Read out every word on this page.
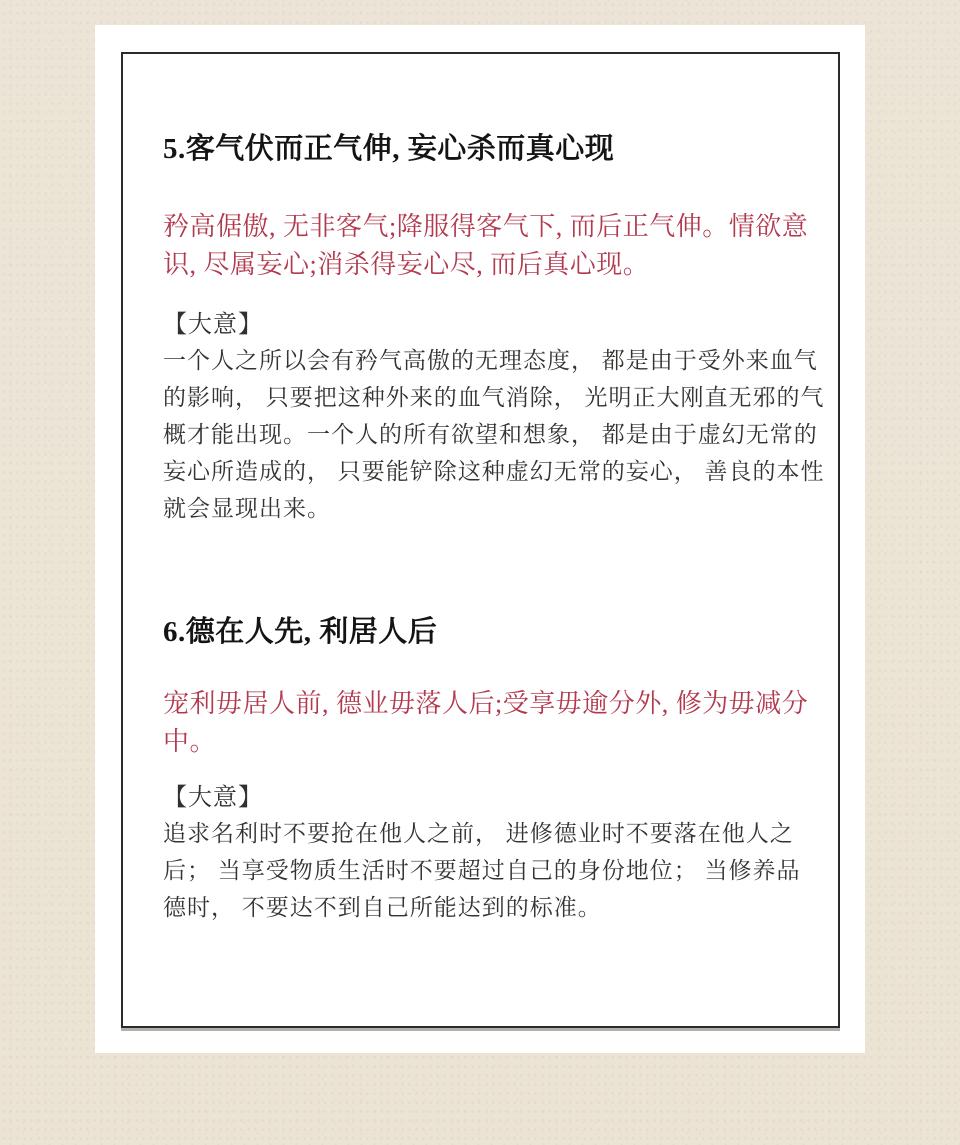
5.客气伏而正气伸, 妄心杀而真心现
矜高倨傲, 无非客气;降服得客气下, 而后正气伸。情欲意
识, 尽属妄心;消杀得妄心尽, 而后真心现。
【大意】
一个人之所以会有矜气高傲的无理态度， 都是由于受外来血气
的影响， 只要把这种外来的血气消除， 光明正大刚直无邪的气
概才能出现。一个人的所有欲望和想象， 都是由于虚幻无常的
妄心所造成的， 只要能铲除这种虚幻无常的妄心， 善良的本性
就会显现出来。
6.德在人先, 利居人后
宠利毋居人前, 德业毋落人后;受享毋逾分外, 修为毋减分
中。
【大意】
追求名利时不要抢在他人之前， 进修德业时不要落在他人之
后； 当享受物质生活时不要超过自己的身份地位； 当修养品
德时， 不要达不到自己所能达到的标准。
